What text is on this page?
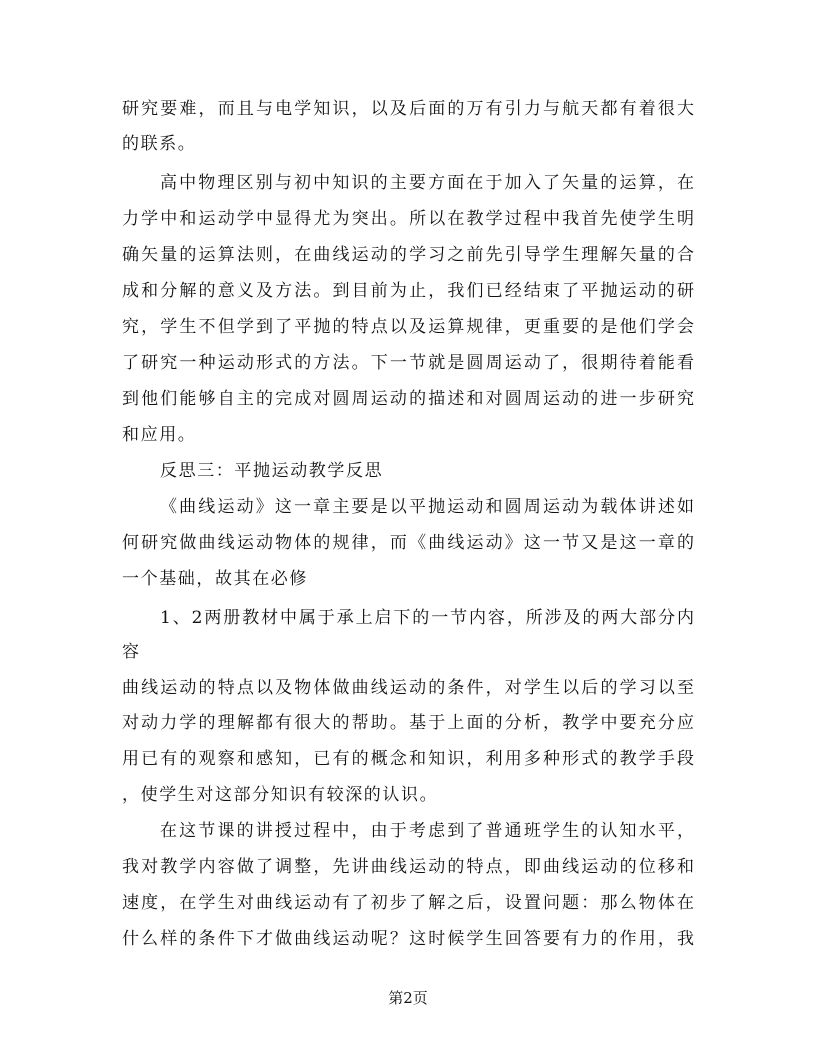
研究要难，而且与电学知识，以及后面的万有引力与航天都有着很大
的联系。
高中物理区别与初中知识的主要方面在于加入了矢量的运算，在
力学中和运动学中显得尤为突出。所以在教学过程中我首先使学生明
确矢量的运算法则，在曲线运动的学习之前先引导学生理解矢量的合
成和分解的意义及方法。到目前为止，我们已经结束了平抛运动的研
究，学生不但学到了平抛的特点以及运算规律，更重要的是他们学会
了研究一种运动形式的方法。下一节就是圆周运动了，很期待着能看
到他们能够自主的完成对圆周运动的描述和对圆周运动的进一步研究
和应用。
反思三：平抛运动教学反思
《曲线运动》这一章主要是以平抛运动和圆周运动为载体讲述如
何研究做曲线运动物体的规律，而《曲线运动》这一节又是这一章的
一个基础，故其在必修
1、2两册教材中属于承上启下的一节内容，所涉及的两大部分内
容
曲线运动的特点以及物体做曲线运动的条件，对学生以后的学习以至
对动力学的理解都有很大的帮助。基于上面的分析，教学中要充分应
用已有的观察和感知，已有的概念和知识，利用多种形式的教学手段
，使学生对这部分知识有较深的认识。
在这节课的讲授过程中，由于考虑到了普通班学生的认知水平，
我对教学内容做了调整，先讲曲线运动的特点，即曲线运动的位移和
速度，在学生对曲线运动有了初步了解之后，设置问题：那么物体在
什么样的条件下才做曲线运动呢？这时候学生回答要有力的作用，我
第2页
